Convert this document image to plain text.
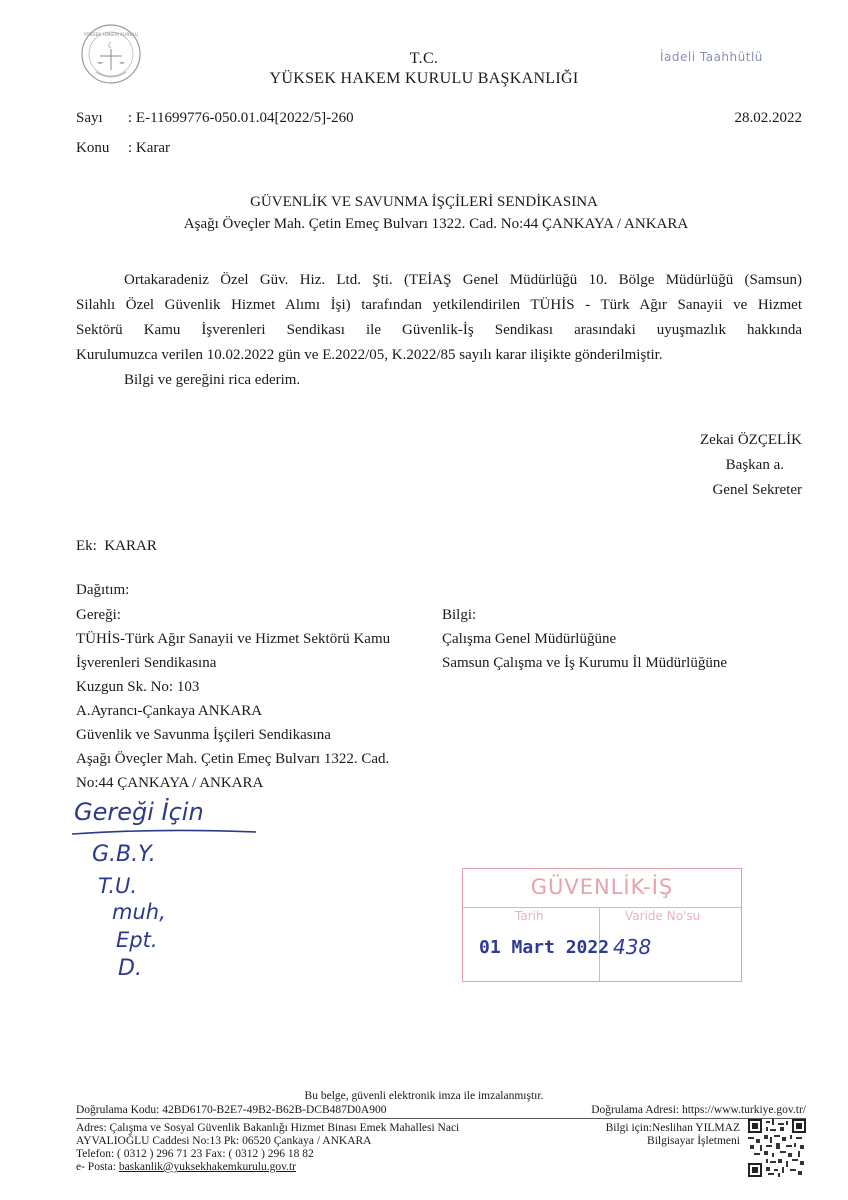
YÜKSEK HAKEM KURULU
☾
T.C.
YÜKSEK HAKEM KURULU BAŞKANLIĞI
İadeli Taahhütlü
Sayı : E-11699776-050.01.04[2022/5]-260	28.02.2022
Konu : Karar
GÜVENLİK VE SAVUNMA İŞÇİLERİ SENDİKASINA
Aşağı Öveçler Mah. Çetin Emeç Bulvarı 1322. Cad. No:44 ÇANKAYA / ANKARA
Ortakaradeniz Özel Güv. Hiz. Ltd. Şti. (TEİAŞ Genel Müdürlüğü 10. Bölge Müdürlüğü (Samsun)
Silahlı Özel Güvenlik Hizmet Alımı İşi) tarafından yetkilendirilen TÜHİS - Türk Ağır Sanayii ve Hizmet
Sektörü Kamu İşverenleri Sendikası ile Güvenlik-İş Sendikası arasındaki uyuşmazlık hakkında
Kurulumuzca verilen 10.02.2022 gün ve E.2022/05, K.2022/85 sayılı karar ilişikte gönderilmiştir.
Bilgi ve gereğini rica ederim.
Zekai ÖZÇELİK
Başkan a.
Genel Sekreter
Ek: KARAR
Dağıtım:
Gereği:
TÜHİS-Türk Ağır Sanayii ve Hizmet Sektörü Kamu
İşverenleri Sendikasına
Kuzgun Sk. No: 103
A.Ayrancı-Çankaya ANKARA
Güvenlik ve Savunma İşçileri Sendikasına
Aşağı Öveçler Mah. Çetin Emeç Bulvarı 1322. Cad.
No:44 ÇANKAYA / ANKARA
Bilgi:
Çalışma Genel Müdürlüğüne
Samsun Çalışma ve İş Kurumu İl Müdürlüğüne
Gereği İçin
G.B.Y.
T.U.
muh,
Ept.
D.
GÜVENLİK-İŞ
Tarih	Varide No'su
01 Mart 2022 438
Bu belge, güvenli elektronik imza ile imzalanmıştır.
Doğrulama Kodu: 42BD6170-B2E7-49B2-B62B-DCB487D0A900	Doğrulama Adresi: https://www.turkiye.gov.tr/
Adres: Çalışma ve Sosyal Güvenlik Bakanlığı Hizmet Binası Emek Mahallesi Naci
AYVALIOĞLU Caddesi No:13 Pk: 06520 Çankaya / ANKARA
Telefon: ( 0312 ) 296 71 23 Fax: ( 0312 ) 296 18 82
e- Posta: baskanlik@yuksekhakemkurulu.gov.tr
Bilgi için:Neslihan YILMAZ
Bilgisayar İşletmeni
